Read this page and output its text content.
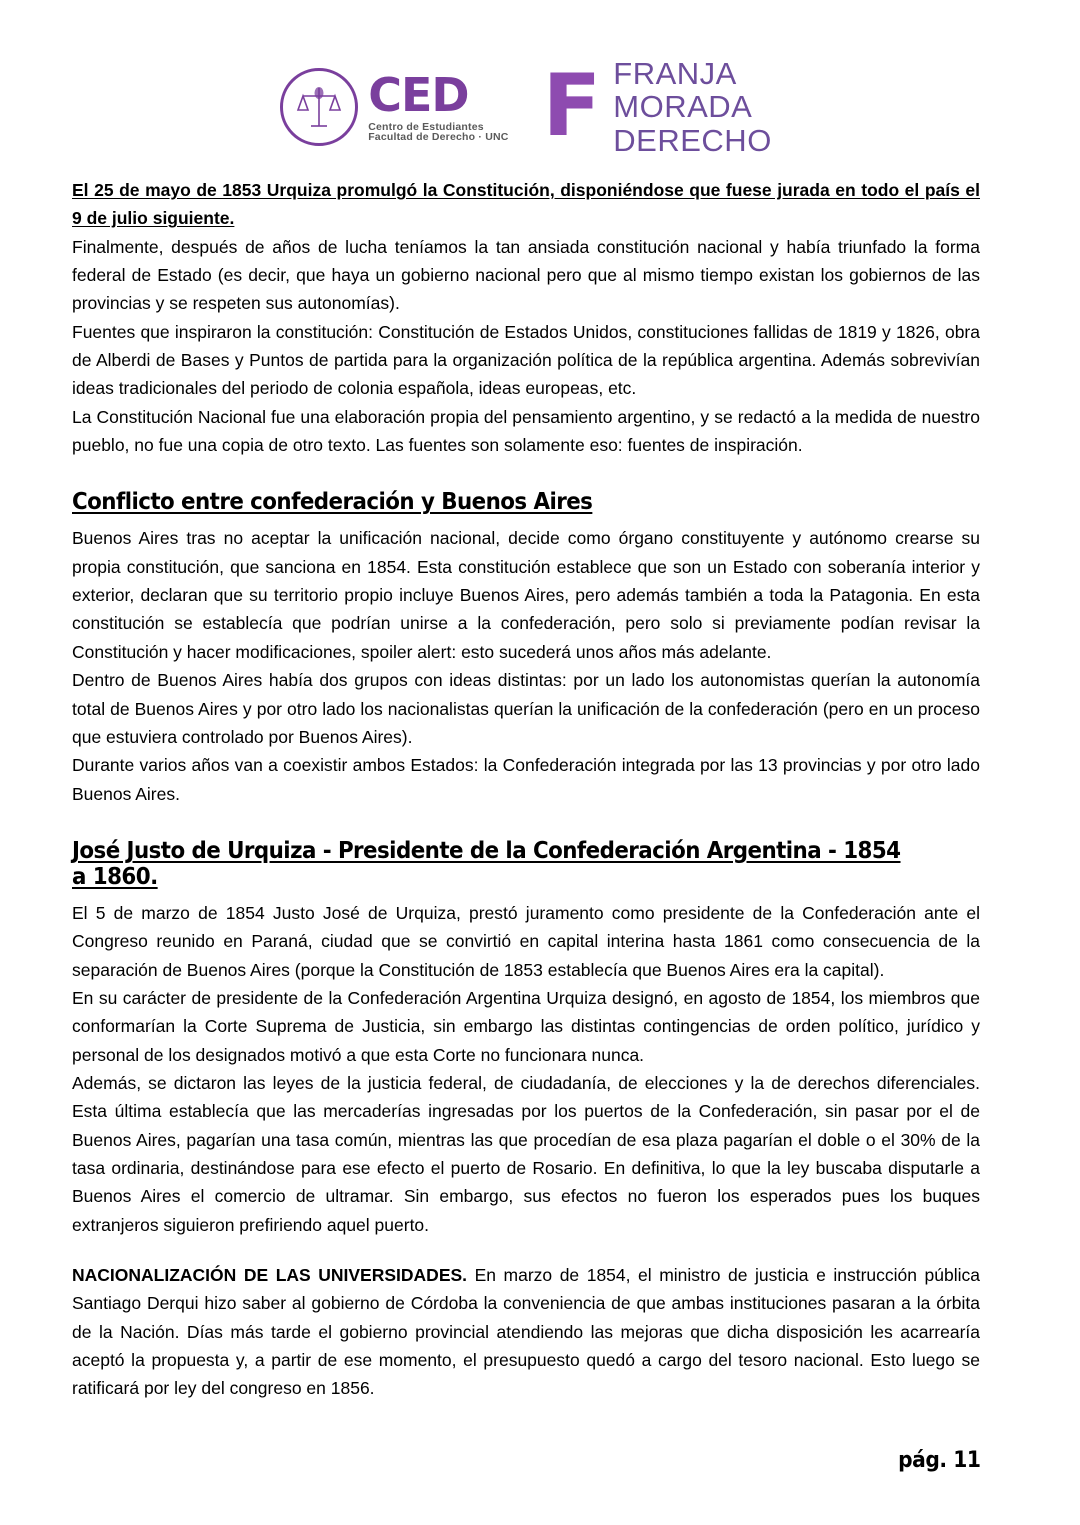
CED
Centro de Estudiantes
Facultad de Derecho · UNC F FRANJA
MORADA
DERECHO

El 25 de mayo de 1853 Urquiza promulgó la Constitución, disponiéndose que fuese jurada en todo el país el 9 de julio siguiente.

Finalmente, después de años de lucha teníamos la tan ansiada constitución nacional y había triunfado la forma federal de Estado (es decir, que haya un gobierno nacional pero que al mismo tiempo existan los gobiernos de las provincias y se respeten sus autonomías).

Fuentes que inspiraron la constitución: Constitución de Estados Unidos, constituciones fallidas de 1819 y 1826, obra de Alberdi de Bases y Puntos de partida para la organización política de la república argentina. Además sobrevivían ideas tradicionales del periodo de colonia española, ideas europeas, etc.

La Constitución Nacional fue una elaboración propia del pensamiento argentino, y se redactó a la medida de nuestro pueblo, no fue una copia de otro texto. Las fuentes son solamente eso: fuentes de inspiración.

Conflicto entre confederación y Buenos Aires

Buenos Aires tras no aceptar la unificación nacional, decide como órgano constituyente y autónomo crearse su propia constitución, que sanciona en 1854. Esta constitución establece que son un Estado con soberanía interior y exterior, declaran que su territorio propio incluye Buenos Aires, pero además también a toda la Patagonia. En esta constitución se establecía que podrían unirse a la confederación, pero solo si previamente podían revisar la Constitución y hacer modificaciones, spoiler alert: esto sucederá unos años más adelante.

Dentro de Buenos Aires había dos grupos con ideas distintas: por un lado los autonomistas querían la autonomía total de Buenos Aires y por otro lado los nacionalistas querían la unificación de la confederación (pero en un proceso que estuviera controlado por Buenos Aires).

Durante varios años van a coexistir ambos Estados: la Confederación integrada por las 13 provincias y por otro lado Buenos Aires.

José Justo de Urquiza - Presidente de la Confederación Argentina - 1854 a 1860.

El 5 de marzo de 1854 Justo José de Urquiza, prestó juramento como presidente de la Confederación ante el Congreso reunido en Paraná, ciudad que se convirtió en capital interina hasta 1861 como consecuencia de la separación de Buenos Aires (porque la Constitución de 1853 establecía que Buenos Aires era la capital).

En su carácter de presidente de la Confederación Argentina Urquiza designó, en agosto de 1854, los miembros que conformarían la Corte Suprema de Justicia, sin embargo las distintas contingencias de orden político, jurídico y personal de los designados motivó a que esta Corte no funcionara nunca.

Además, se dictaron las leyes de la justicia federal, de ciudadanía, de elecciones y la de derechos diferenciales. Esta última establecía que las mercaderías ingresadas por los puertos de la Confederación, sin pasar por el de Buenos Aires, pagarían una tasa común, mientras las que procedían de esa plaza pagarían el doble o el 30% de la tasa ordinaria, destinándose para ese efecto el puerto de Rosario. En definitiva, lo que la ley buscaba disputarle a Buenos Aires el comercio de ultramar. Sin embargo, sus efectos no fueron los esperados pues los buques extranjeros siguieron prefiriendo aquel puerto.

NACIONALIZACIÓN DE LAS UNIVERSIDADES. En marzo de 1854, el ministro de justicia e instrucción pública Santiago Derqui hizo saber al gobierno de Córdoba la conveniencia de que ambas instituciones pasaran a la órbita de la Nación. Días más tarde el gobierno provincial atendiendo las mejoras que dicha disposición les acarrearía aceptó la propuesta y, a partir de ese momento, el presupuesto quedó a cargo del tesoro nacional. Esto luego se ratificará por ley del congreso en 1856.

pág. 11
